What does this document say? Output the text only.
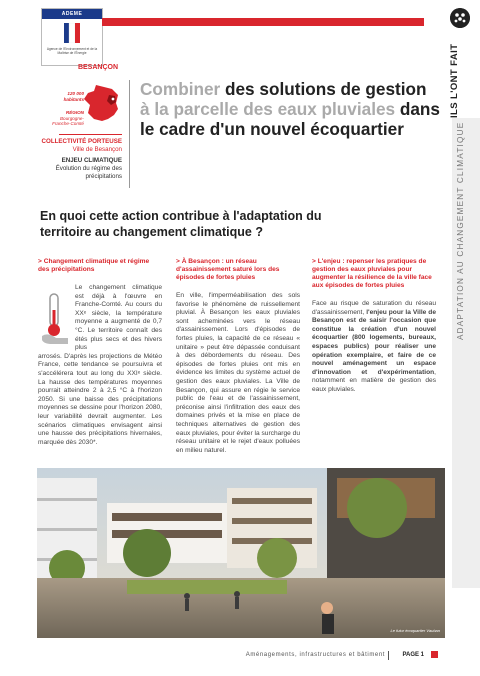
ADEME
Agence de l'Environnement et de la Maîtrise de l'Énergie	ILS L'ONT FAIT
ADAPTATION AU CHANGEMENT CLIMATIQUE
BESANÇON
120 000
habitants
RÉGION
Bourgogne-Franche-Comté
COLLECTIVITÉ PORTEUSE
Ville de Besançon
ENJEU CLIMATIQUE
Évolution du régime des précipitations
Combiner des solutions de gestion à la parcelle des eaux pluviales dans le cadre d'un nouvel écoquartier
En quoi cette action contribue à l'adaptation du territoire au changement climatique ?
> Changement climatique et régime des précipitations

Le changement climatique est déjà à l'œuvre en Franche-Comté. Au cours du XXᵉ siècle, la température moyenne a augmenté de 0,7 °C. Le territoire connaît des étés plus secs et des hivers plus

arrosés. D'après les projections de Météo France, cette tendance se poursuivra et s'accélérera tout au long du XXIᵉ siècle. La hausse des températures moyennes pourrait atteindre 2 à 2,5 °C à l'horizon 2050. Si une baisse des précipitations moyennes se dessine pour l'horizon 2080, leur variabilité devrait augmenter. Les scénarios climatiques envisagent ainsi une hausse des précipitations hivernales, marquée dès 2030*.

> À Besançon : un réseau d'assainissement saturé lors des épisodes de fortes pluies

En ville, l'imperméabilisation des sols favorise le phénomène de ruissellement pluvial. À Besançon les eaux pluviales sont acheminées vers le réseau d'assainissement. Lors d'épisodes de fortes pluies, la capacité de ce réseau « unitaire » peut être dépassée conduisant à des débordements du réseau. Des épisodes de fortes pluies ont mis en évidence les limites du système actuel de gestion des eaux pluviales. La Ville de Besançon, qui assure en régie le service public de l'eau et de l'assainissement, préconise ainsi l'infiltration des eaux des domaines privés et la mise en place de techniques alternatives de gestion des eaux pluviales, pour éviter la surcharge du réseau unitaire et le rejet d'eaux polluées en milieu naturel.

> L'enjeu : repenser les pratiques de gestion des eaux pluviales pour augmenter la résilience de la ville face aux épisodes de fortes pluies

Face au risque de saturation du réseau d'assainissement, l'enjeu pour la Ville de Besançon est de saisir l'occasion que constitue la création d'un nouvel écoquartier (800 logements, bureaux, espaces publics) pour réaliser une opération exemplaire, et faire de ce nouvel aménagement un espace d'innovation et d'expérimentation, notamment en matière de gestion des eaux pluviales.

Le futur écoquartier Vauban
Aménagements, infrastructures et bâtiment	PAGE 1
